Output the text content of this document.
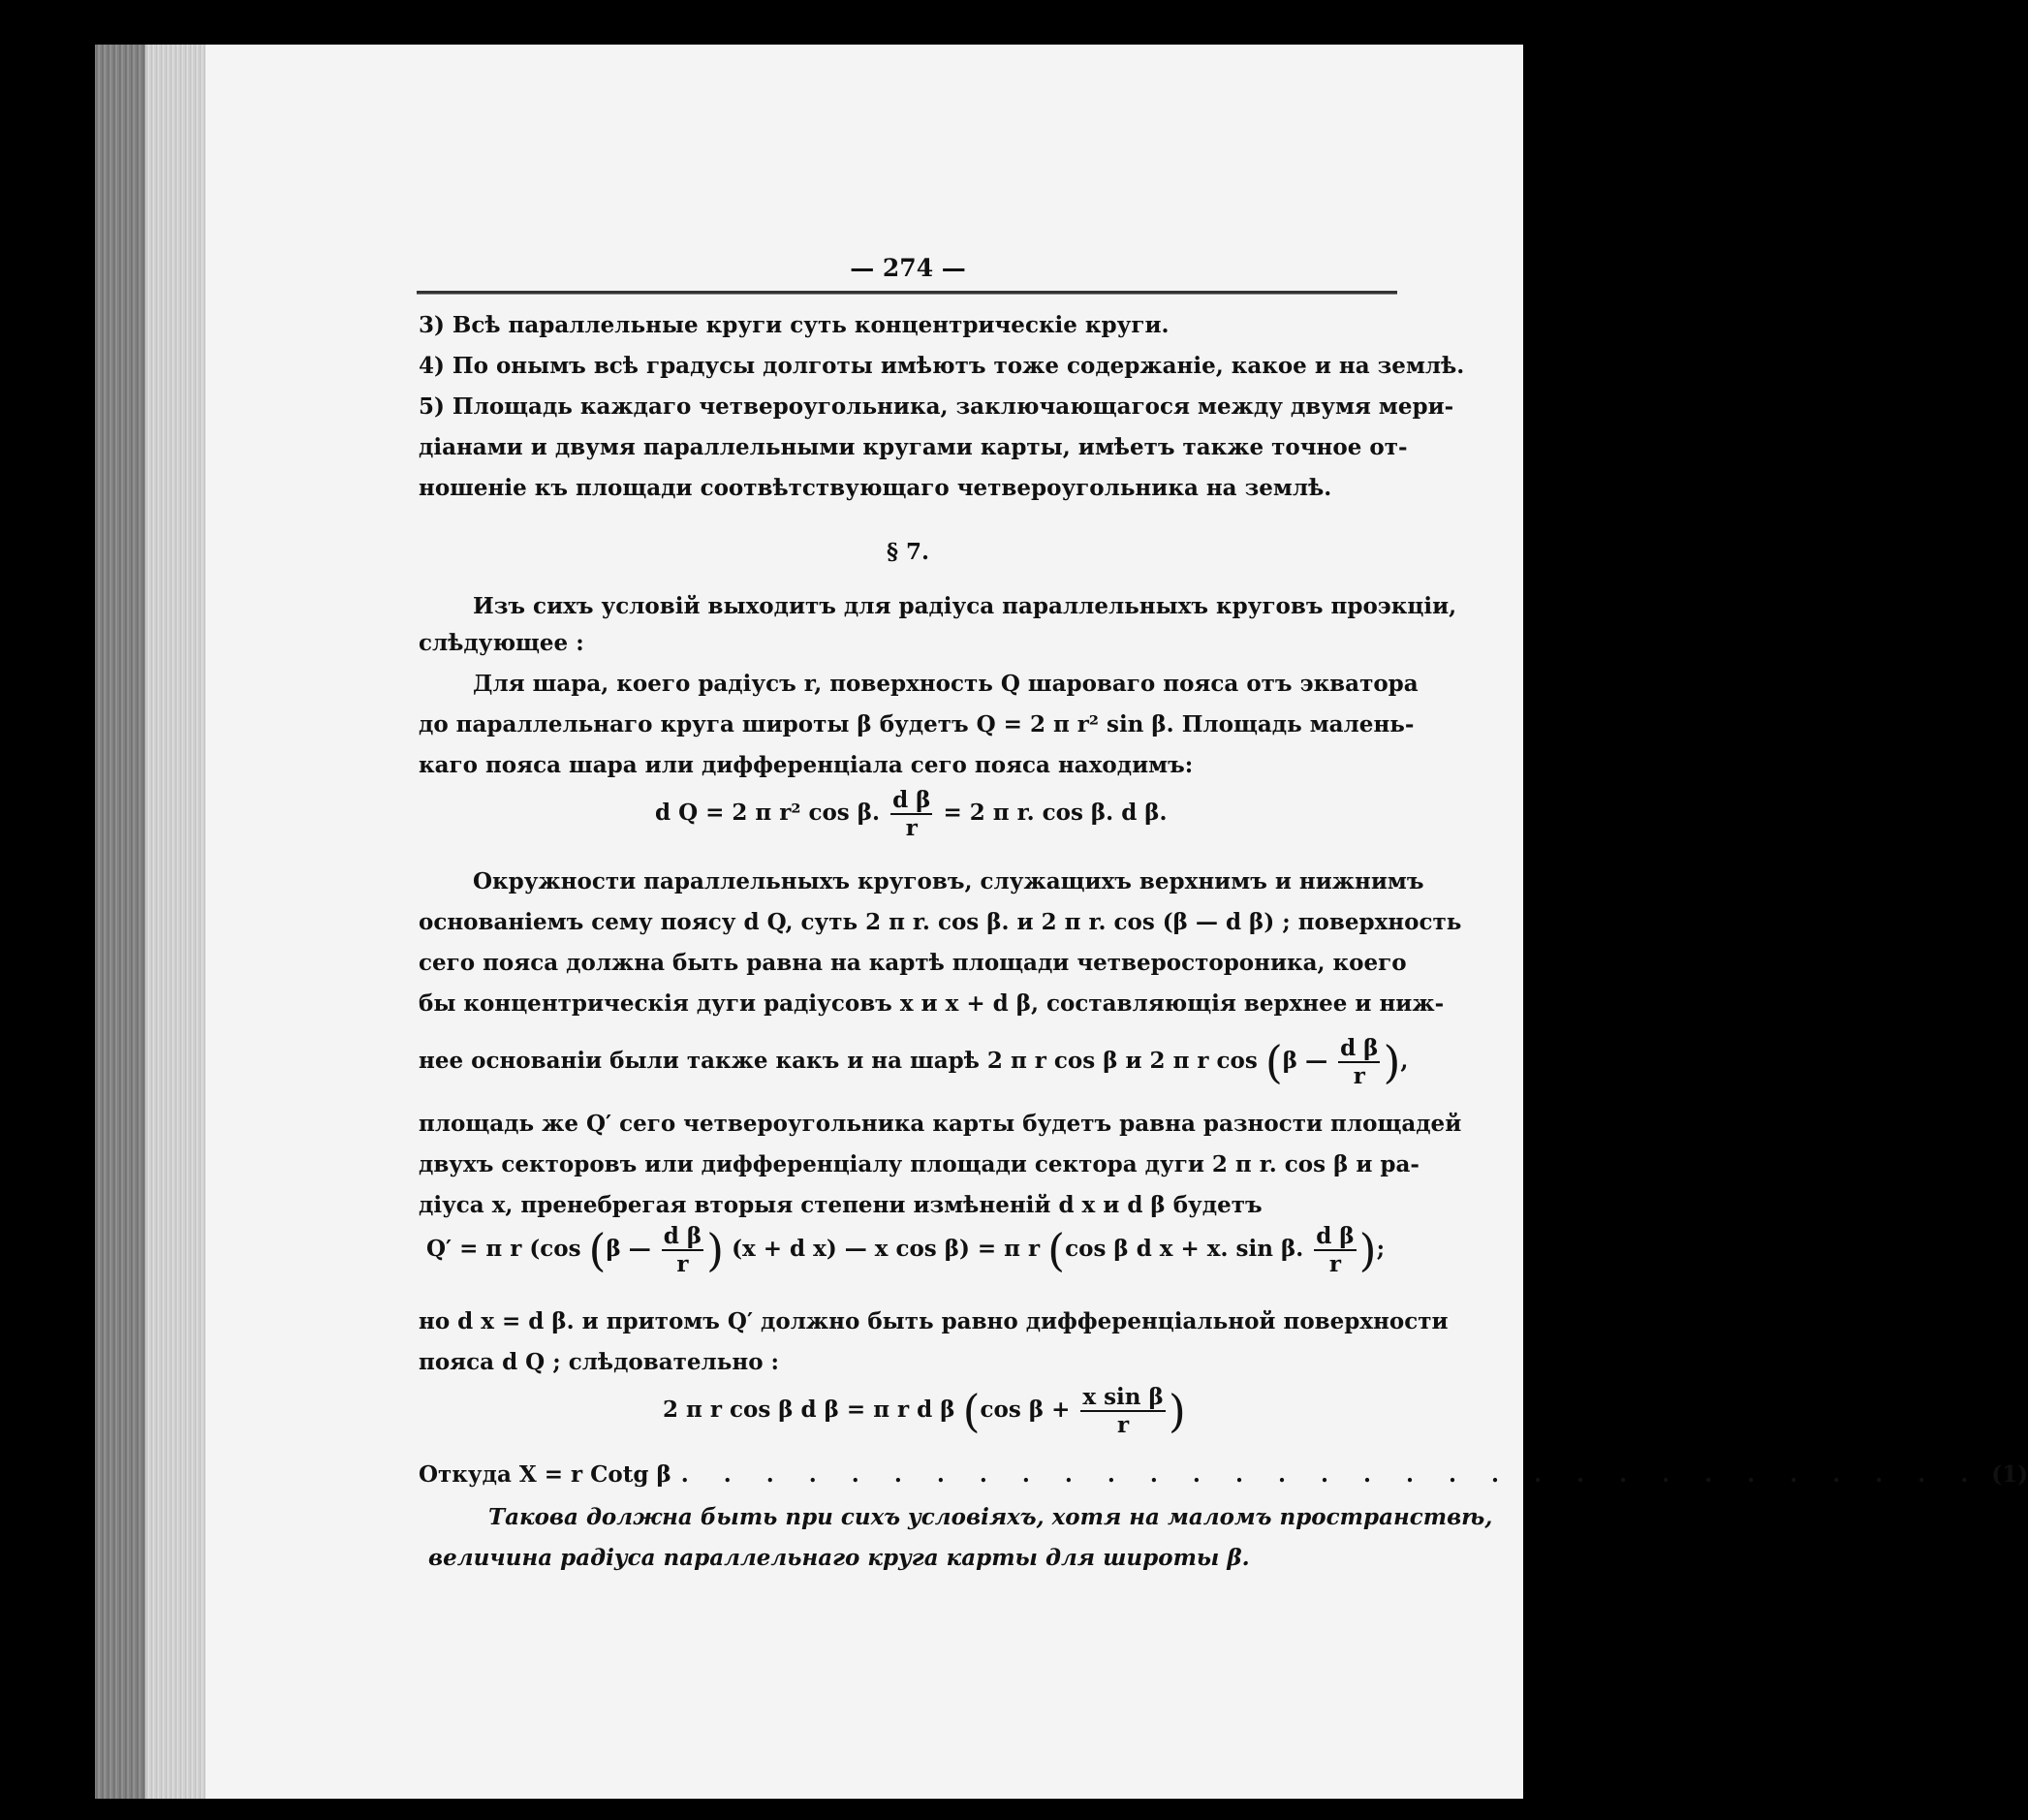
— 274 —
3) Всѣ параллельные круги суть концентрическіе круги.
4) По онымъ всѣ градусы долготы имѣютъ тоже содержаніе, какое и на землѣ.
5) Площадь каждаго четвероугольника, заключающагося между двумя мери-
діанами и двумя параллельными кругами карты, имѣетъ также точное от-
ношеніе къ площади соотвѣтствующаго четвероугольника на землѣ.
§ 7.
Изъ сихъ условій выходитъ для радіуса параллельныхъ круговъ проэкціи,
слѣдующее :
Для шара, коего радіусъ r, поверхность Q шароваго пояса отъ экватора
до параллельнаго круга широты β будетъ Q = 2 π r² sin β. Площадь малень-
каго пояса шара или дифференціала сего пояса находимъ:
d Q = 2 π r² cos β. $\frac{\text{d β}}{r} = 2$ π r. cos β. d β.
Окружности параллельныхъ круговъ, служащихъ верхнимъ и нижнимъ
основаніемъ сему поясу d Q, суть 2 π r. cos β. и 2 π r. cos (β — d β) ; поверхность
сего пояса должна быть равна на картѣ площади четверостороника, коего
бы концентрическія дуги радіусовъ x и x + d β, составляющія верхнее и ниж-
нее основаніи были также какъ и на шарѣ 2 π r cos β и 2 π r cos (β — $\frac{\text{d β}}{r}$ ),
площадь же Q′ сего четвероугольника карты будетъ равна разности площадей
двухъ секторовъ или дифференціалу площади сектора дуги 2 π r. cos β и ра-
діуса x, пренебрегая вторыя степени измѣненій d x и d β будетъ
Q′ = π r (cos (β — $\frac{\text{d β}}{r}$ ) (x + d x) — x cos β) = π r (cos β d x + x. sin β. $\frac{\text{d β}}{r}$ );
но d x = d β. и притомъ Q′ должно быть равно дифференціальной поверхности
пояса d Q ; слѣдовательно :
2 π r cos β d β = π r d β (cos $\beta + \frac{\text{x sin β}}{r}$ )
Откуда X = r Cotg β . . . . . . . . . . . . . . . . . . . . . . . . . . . . . . . (1)
Такова должна быть при сихъ условіяхъ, хотя на маломъ пространствѣ,
величина радіуса параллельнаго круга карты для широты β.
